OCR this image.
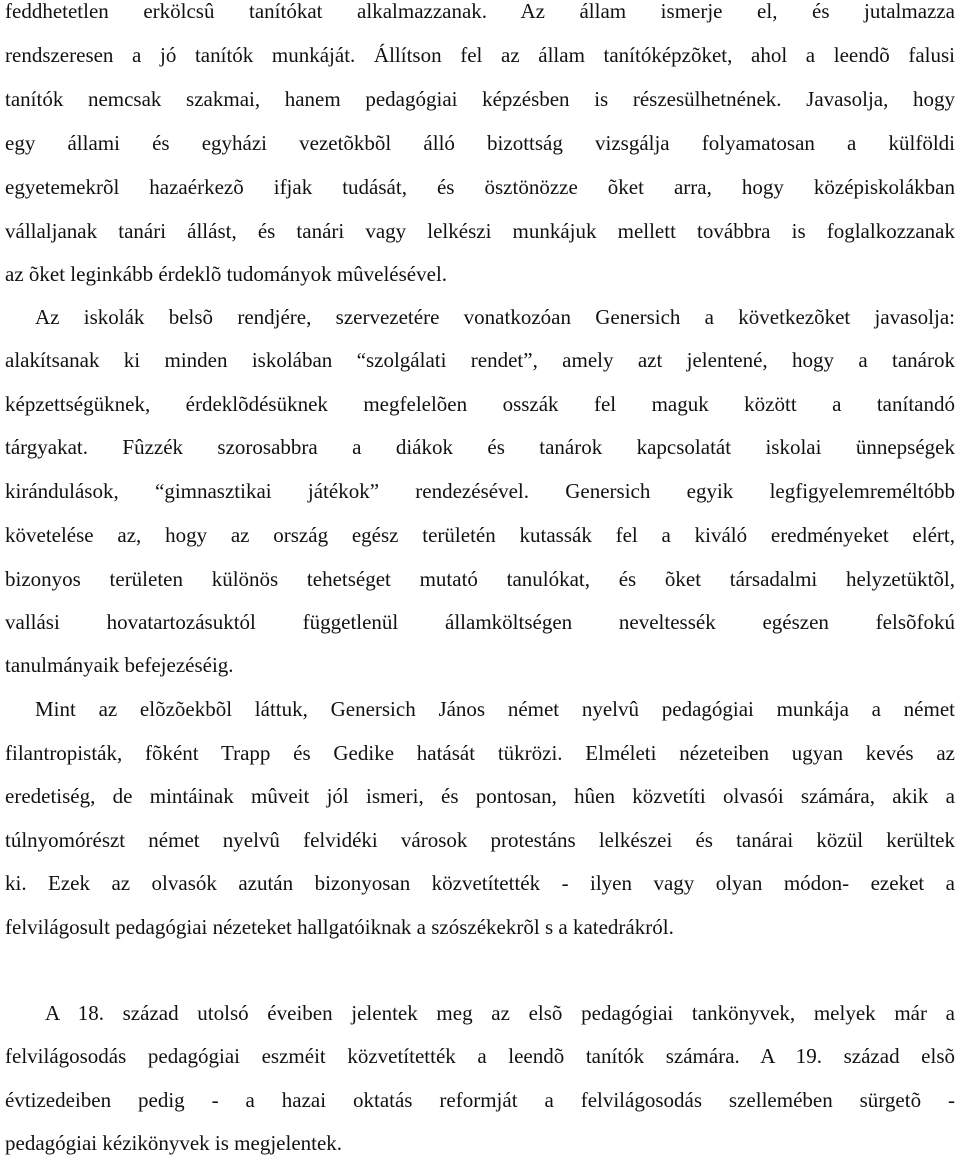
feddhetetlen erkölcsû tanítókat alkalmazzanak. Az állam ismerje el, és jutalmazza
rendszeresen a jó tanítók munkáját. Állítson fel az állam tanítóképzõket, ahol a leendõ falusi
tanítók nemcsak szakmai, hanem pedagógiai képzésben is részesülhetnének. Javasolja, hogy
egy állami és egyházi vezetõkbõl álló bizottság vizsgálja folyamatosan a külföldi
egyetemekrõl hazaérkezõ ifjak tudását, és ösztönözze õket arra, hogy középiskolákban
vállaljanak tanári állást, és tanári vagy lelkészi munkájuk mellett továbbra is foglalkozzanak
az õket leginkább érdeklõ tudományok mûvelésével.
Az iskolák belsõ rendjére, szervezetére vonatkozóan Genersich a következõket javasolja:
alakítsanak ki minden iskolában “szolgálati rendet”, amely azt jelentené, hogy a tanárok
képzettségüknek, érdeklõdésüknek megfelelõen osszák fel maguk között a tanítandó
tárgyakat. Fûzzék szorosabbra a diákok és tanárok kapcsolatát iskolai ünnepségek
kirándulások, “gimnasztikai játékok” rendezésével. Genersich egyik legfigyelemreméltóbb
követelése az, hogy az ország egész területén kutassák fel a kiváló eredményeket elért,
bizonyos területen különös tehetséget mutató tanulókat, és õket társadalmi helyzetüktõl,
vallási hovatartozásuktól függetlenül államköltségen neveltessék egészen felsõfokú
tanulmányaik befejezéséig.
Mint az elõzõekbõl láttuk, Genersich János német nyelvû pedagógiai munkája a német
filantropisták, fõként Trapp és Gedike hatását tükrözi. Elméleti nézeteiben ugyan kevés az
eredetiség, de mintáinak mûveit jól ismeri, és pontosan, hûen közvetíti olvasói számára, akik a
túlnyomórészt német nyelvû felvidéki városok protestáns lelkészei és tanárai közül kerültek
ki. Ezek az olvasók azután bizonyosan közvetítették - ilyen vagy olyan módon- ezeket a
felvilágosult pedagógiai nézeteket hallgatóiknak a szószékekrõl s a katedrákról.
A 18. század utolsó éveiben jelentek meg az elsõ pedagógiai tankönyvek, melyek már a
felvilágosodás pedagógiai eszméit közvetítették a leendõ tanítók számára. A 19. század elsõ
évtizedeiben pedig - a hazai oktatás reformját a felvilágosodás szellemében sürgetõ -
pedagógiai kézikönyvek is megjelentek.
